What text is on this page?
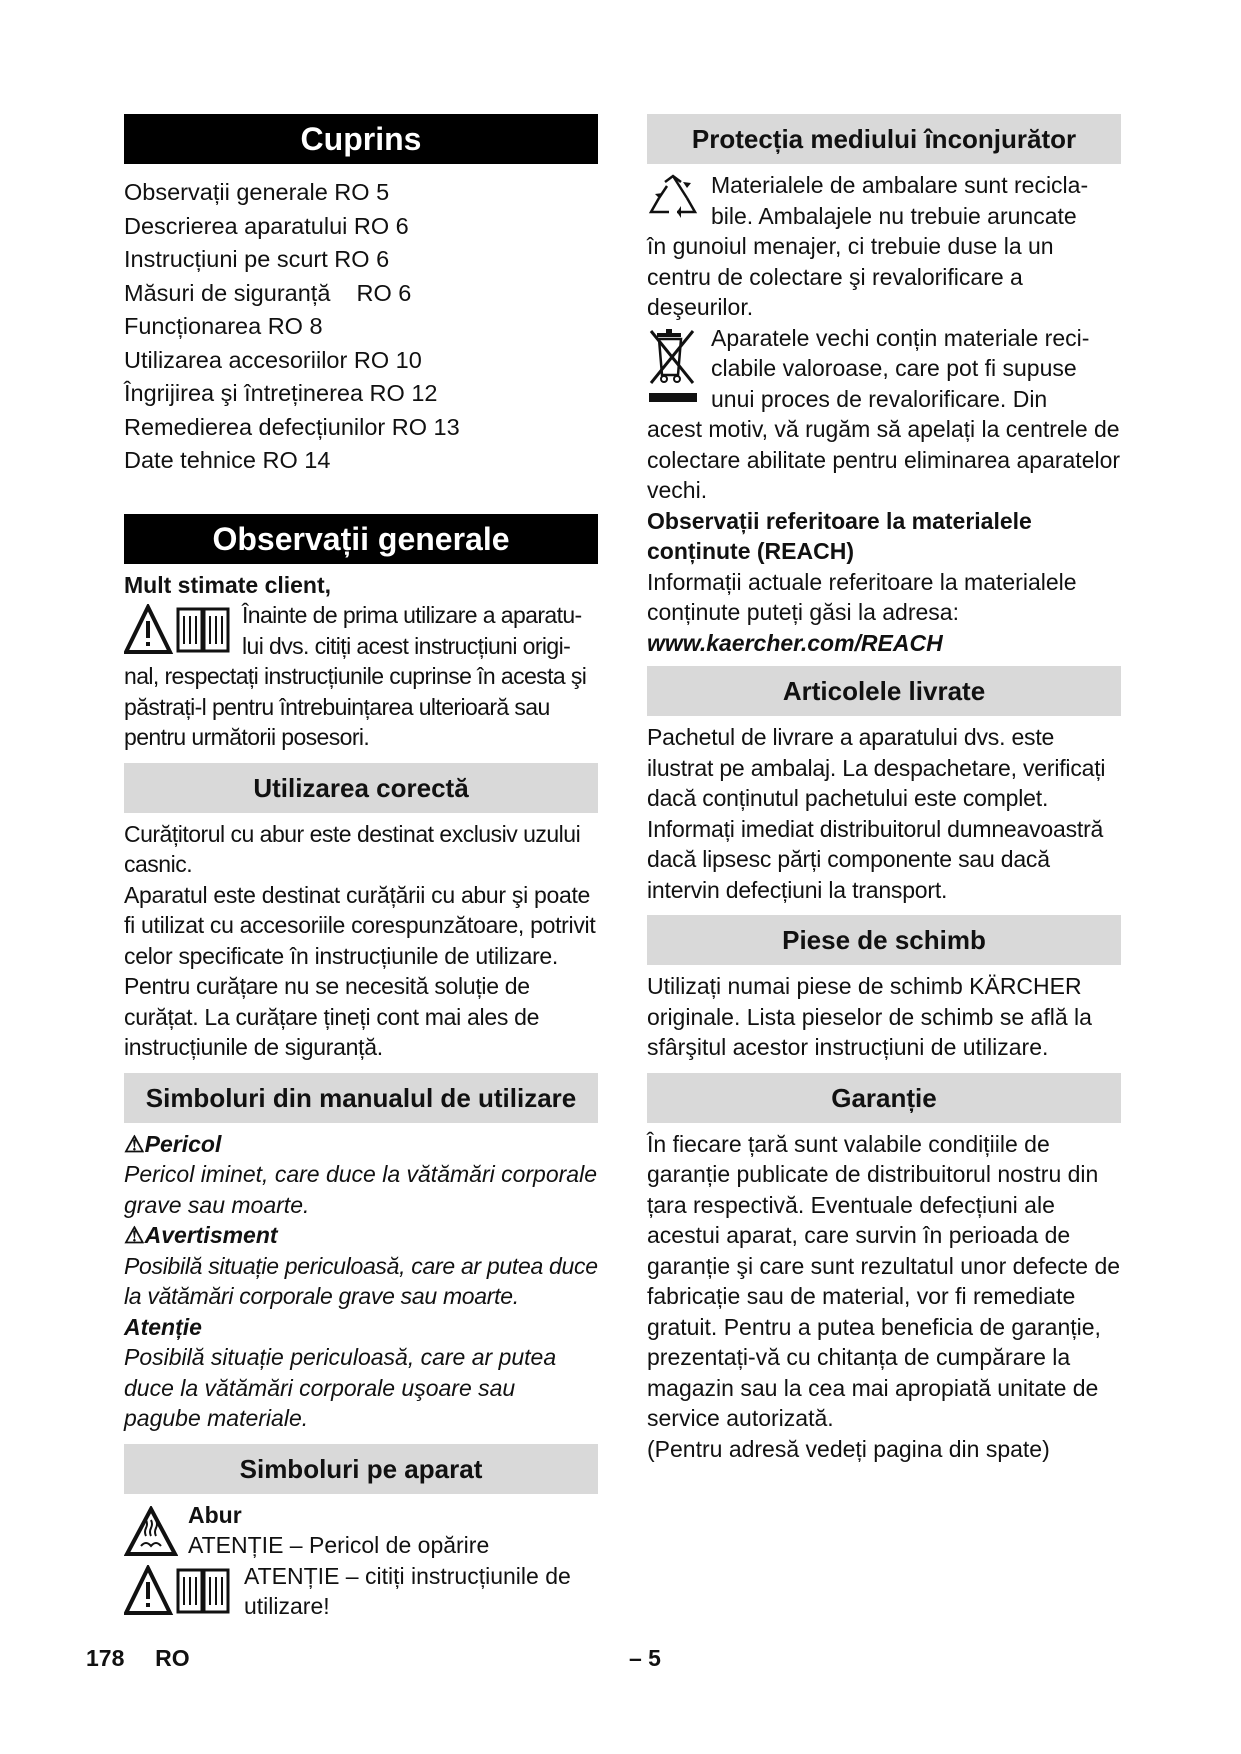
Cuprins

Observații generale RO 5

Descrierea aparatului RO 6

Instrucțiuni pe scurt RO 6

Măsuri de siguranță    RO 6

Funcționarea RO 8

Utilizarea accesoriilor RO 10

Îngrijirea şi întreținerea RO 12

Remedierea defecțiunilor RO 13

Date tehnice RO 14

Observații generale

Mult stimate client,

Înainte de prima utilizare a aparatu-

lui dvs. citiți acest instrucțiuni origi-

nal, respectați instrucțiunile cuprinse în acesta şi păstrați-l pentru întrebuințarea ulterioară sau pentru următorii posesori.

Utilizarea corectă

Curățitorul cu abur este destinat exclusiv uzului casnic.

Aparatul este destinat curățării cu abur şi poate fi utilizat cu accesoriile corespunzătoare, potrivit celor specificate în instrucțiunile de utilizare. Pentru curățare nu se necesită soluție de curățat. La curățare țineți cont mai ales de instrucțiunile de siguranță.

Simboluri din manualul de utilizare

⚠Pericol

Pericol iminet, care duce la vătămări corporale grave sau moarte.

⚠Avertisment

Posibilă situație periculoasă, care ar putea duce la vătămări corporale grave sau moarte.

Atenție

Posibilă situație periculoasă, care ar putea duce la vătămări corporale uşoare sau pagube materiale.

Simboluri pe aparat

Abur

ATENȚIE – Pericol de opărire

ATENȚIE – citiți instrucțiunile de

utilizare!

Protecția mediului înconjurător

Materialele de ambalare sunt recicla-

bile. Ambalajele nu trebuie aruncate

în gunoiul menajer, ci trebuie duse la un centru de colectare şi revalorificare a deşeurilor.

Aparatele vechi conțin materiale reci-

clabile valoroase, care pot fi supuse

unui proces de revalorificare. Din

acest motiv, vă rugăm să apelați la centrele de colectare abilitate pentru eliminarea aparatelor vechi.

Observații referitoare la materialele conținute (REACH)

Informații actuale referitoare la materialele conținute puteți găsi la adresa:

www.kaercher.com/REACH

Articolele livrate

Pachetul de livrare a aparatului dvs. este ilustrat pe ambalaj. La despachetare, verificați dacă conținutul pachetului este complet. Informați imediat distribuitorul dumneavoastră dacă lipsesc părți componente sau dacă intervin defecțiuni la transport.

Piese de schimb

Utilizați numai piese de schimb KÄRCHER originale. Lista pieselor de schimb se află la sfârşitul acestor instrucțiuni de utilizare.

Garanție

În fiecare țară sunt valabile condițiile de garanție publicate de distribuitorul nostru din țara respectivă. Eventuale defecțiuni ale acestui aparat, care survin în perioada de garanție şi care sunt rezultatul unor defecte de fabricație sau de material, vor fi remediate gratuit. Pentru a putea beneficia de garanție, prezentați-vă cu chitanța de cumpărare la magazin sau la cea mai apropiată unitate de service autorizată.

(Pentru adresă vedeți pagina din spate)

178 RO	– 5
